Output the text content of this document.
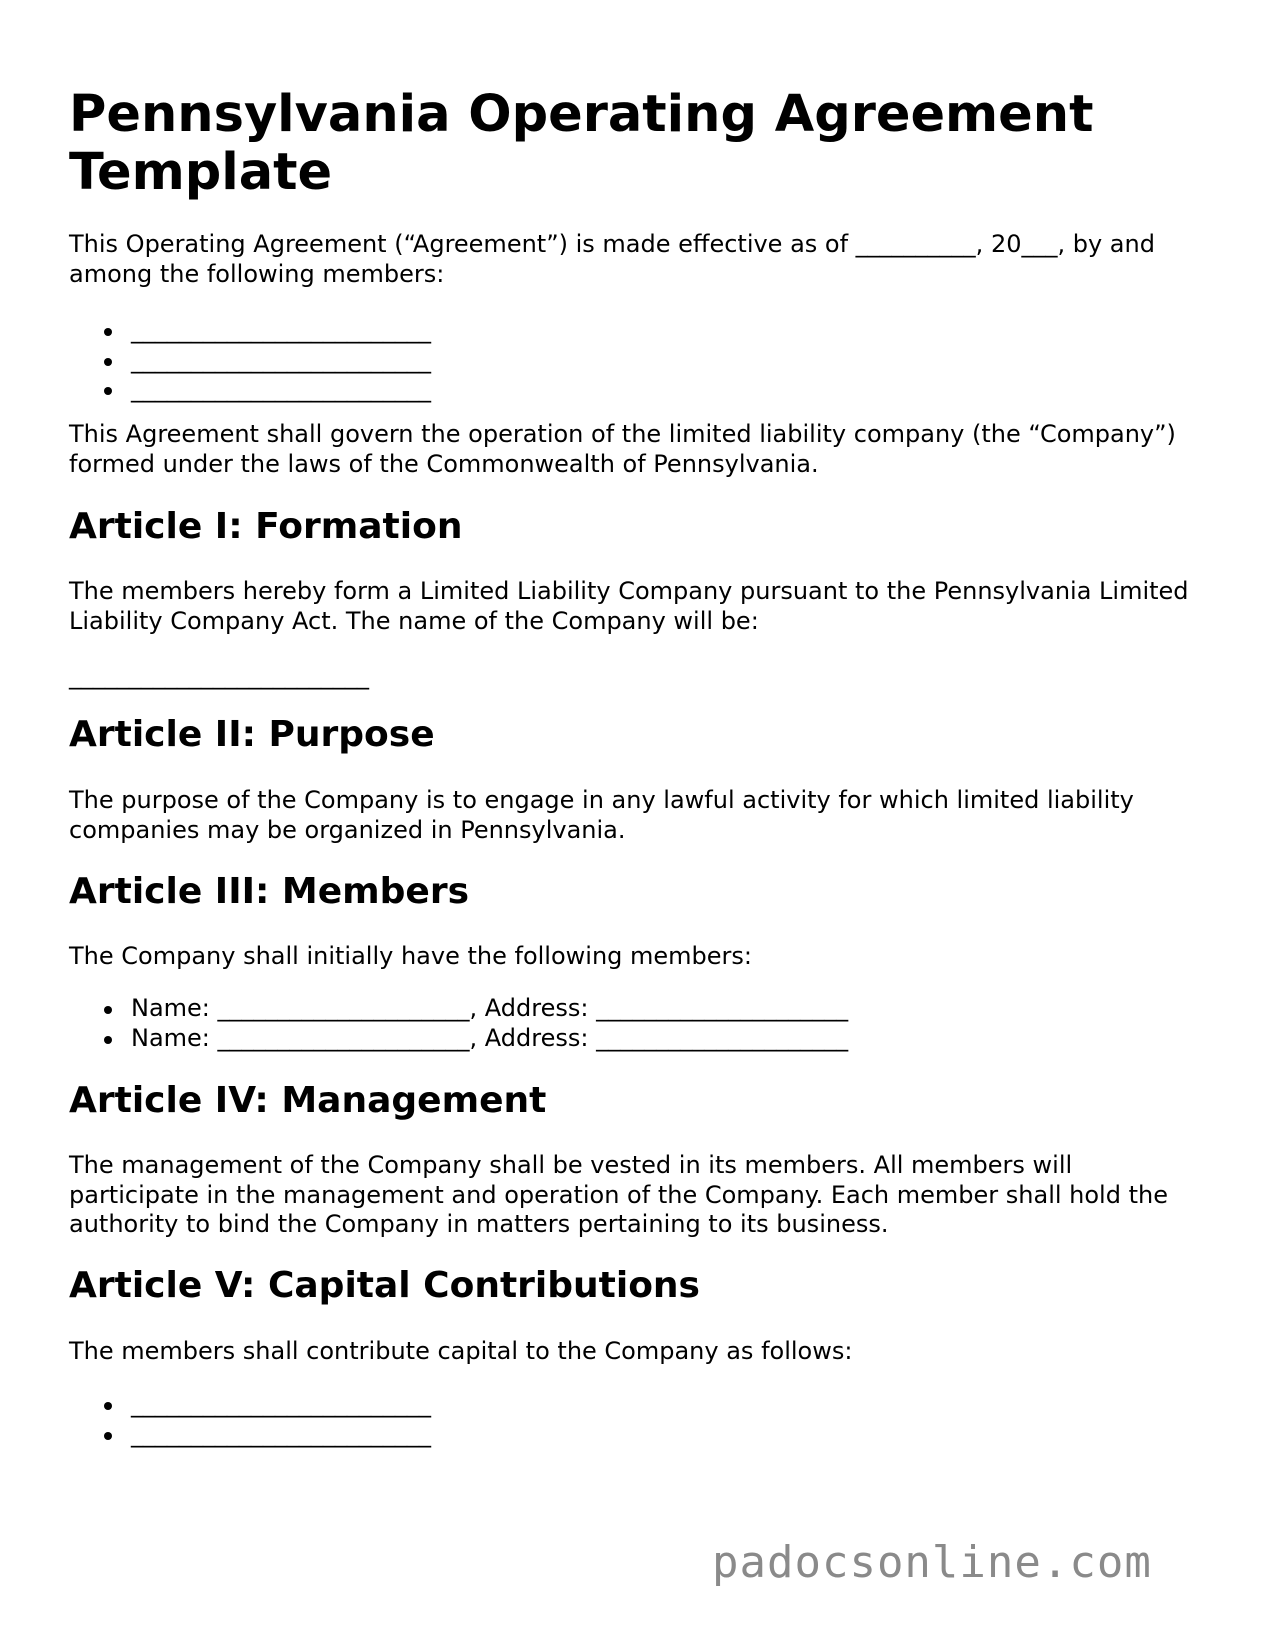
Pennsylvania Operating Agreement Template

This Operating Agreement (“Agreement”) is made effective as of __________, 20___, by and among the following members:

_________________________
_________________________
_________________________

This Agreement shall govern the operation of the limited liability company (the “Company”) formed under the laws of the Commonwealth of Pennsylvania.

Article I: Formation

The members hereby form a Limited Liability Company pursuant to the Pennsylvania Limited Liability Company Act. The name of the Company will be:

_________________________
Article II: Purpose

The purpose of the Company is to engage in any lawful activity for which limited liability companies may be organized in Pennsylvania.

Article III: Members

The Company shall initially have the following members:

Name: _____________________, Address: _____________________
Name: _____________________, Address: _____________________
Article IV: Management

The management of the Company shall be vested in its members. All members will participate in the management and operation of the Company. Each member shall hold the authority to bind the Company in matters pertaining to its business.

Article V: Capital Contributions

The members shall contribute capital to the Company as follows:

_________________________
_________________________
padocsonline.com
